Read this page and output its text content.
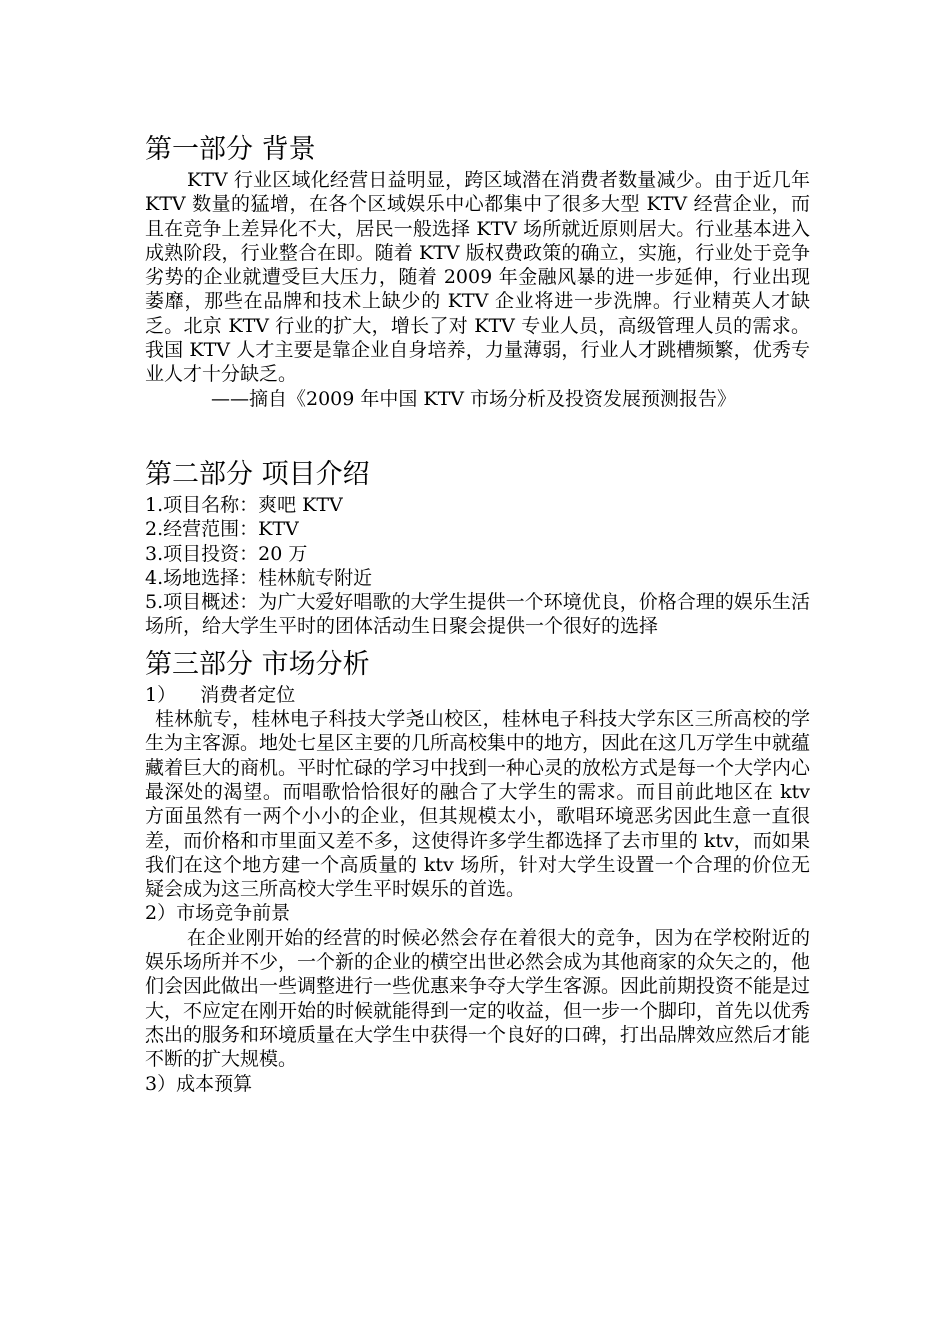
第一部分 背景

KTV 行业区域化经营日益明显，跨区域潜在消费者数量减少。由于近几年 KTV 数量的猛增，在各个区域娱乐中心都集中了很多大型 KTV 经营企业，而且在竞争上差异化不大，居民一般选择 KTV 场所就近原则居大。行业基本进入成熟阶段，行业整合在即。随着 KTV 版权费政策的确立，实施，行业处于竞争劣势的企业就遭受巨大压力，随着 2009 年金融风暴的进一步延伸，行业出现萎靡，那些在品牌和技术上缺少的 KTV 企业将进一步洗牌。行业精英人才缺乏。北京 KTV 行业的扩大，增长了对 KTV 专业人员，高级管理人员的需求。我国 KTV 人才主要是靠企业自身培养，力量薄弱，行业人才跳槽频繁，优秀专业人才十分缺乏。

——摘自《2009 年中国 KTV 市场分析及投资发展预测报告》

第二部分 项目介绍

1.项目名称：爽吧 KTV

2.经营范围：KTV

3.项目投资：20 万

4.场地选择：桂林航专附近

5.项目概述：为广大爱好唱歌的大学生提供一个环境优良，价格合理的娱乐生活场所，给大学生平时的团体活动生日聚会提供一个很好的选择

第三部分 市场分析

1）    消费者定位

桂林航专，桂林电子科技大学尧山校区，桂林电子科技大学东区三所高校的学生为主客源。地处七星区主要的几所高校集中的地方，因此在这几万学生中就蕴藏着巨大的商机。平时忙碌的学习中找到一种心灵的放松方式是每一个大学内心最深处的渴望。而唱歌恰恰很好的融合了大学生的需求。而目前此地区在 ktv 方面虽然有一两个小小的企业，但其规模太小，歌唱环境恶劣因此生意一直很差，而价格和市里面又差不多，这使得许多学生都选择了去市里的 ktv，而如果我们在这个地方建一个高质量的 ktv 场所，针对大学生设置一个合理的价位无疑会成为这三所高校大学生平时娱乐的首选。

2）市场竞争前景

在企业刚开始的经营的时候必然会存在着很大的竞争，因为在学校附近的娱乐场所并不少，一个新的企业的横空出世必然会成为其他商家的众矢之的，他们会因此做出一些调整进行一些优惠来争夺大学生客源。因此前期投资不能是过大，不应定在刚开始的时候就能得到一定的收益，但一步一个脚印，首先以优秀杰出的服务和环境质量在大学生中获得一个良好的口碑，打出品牌效应然后才能不断的扩大规模。

3）成本预算
